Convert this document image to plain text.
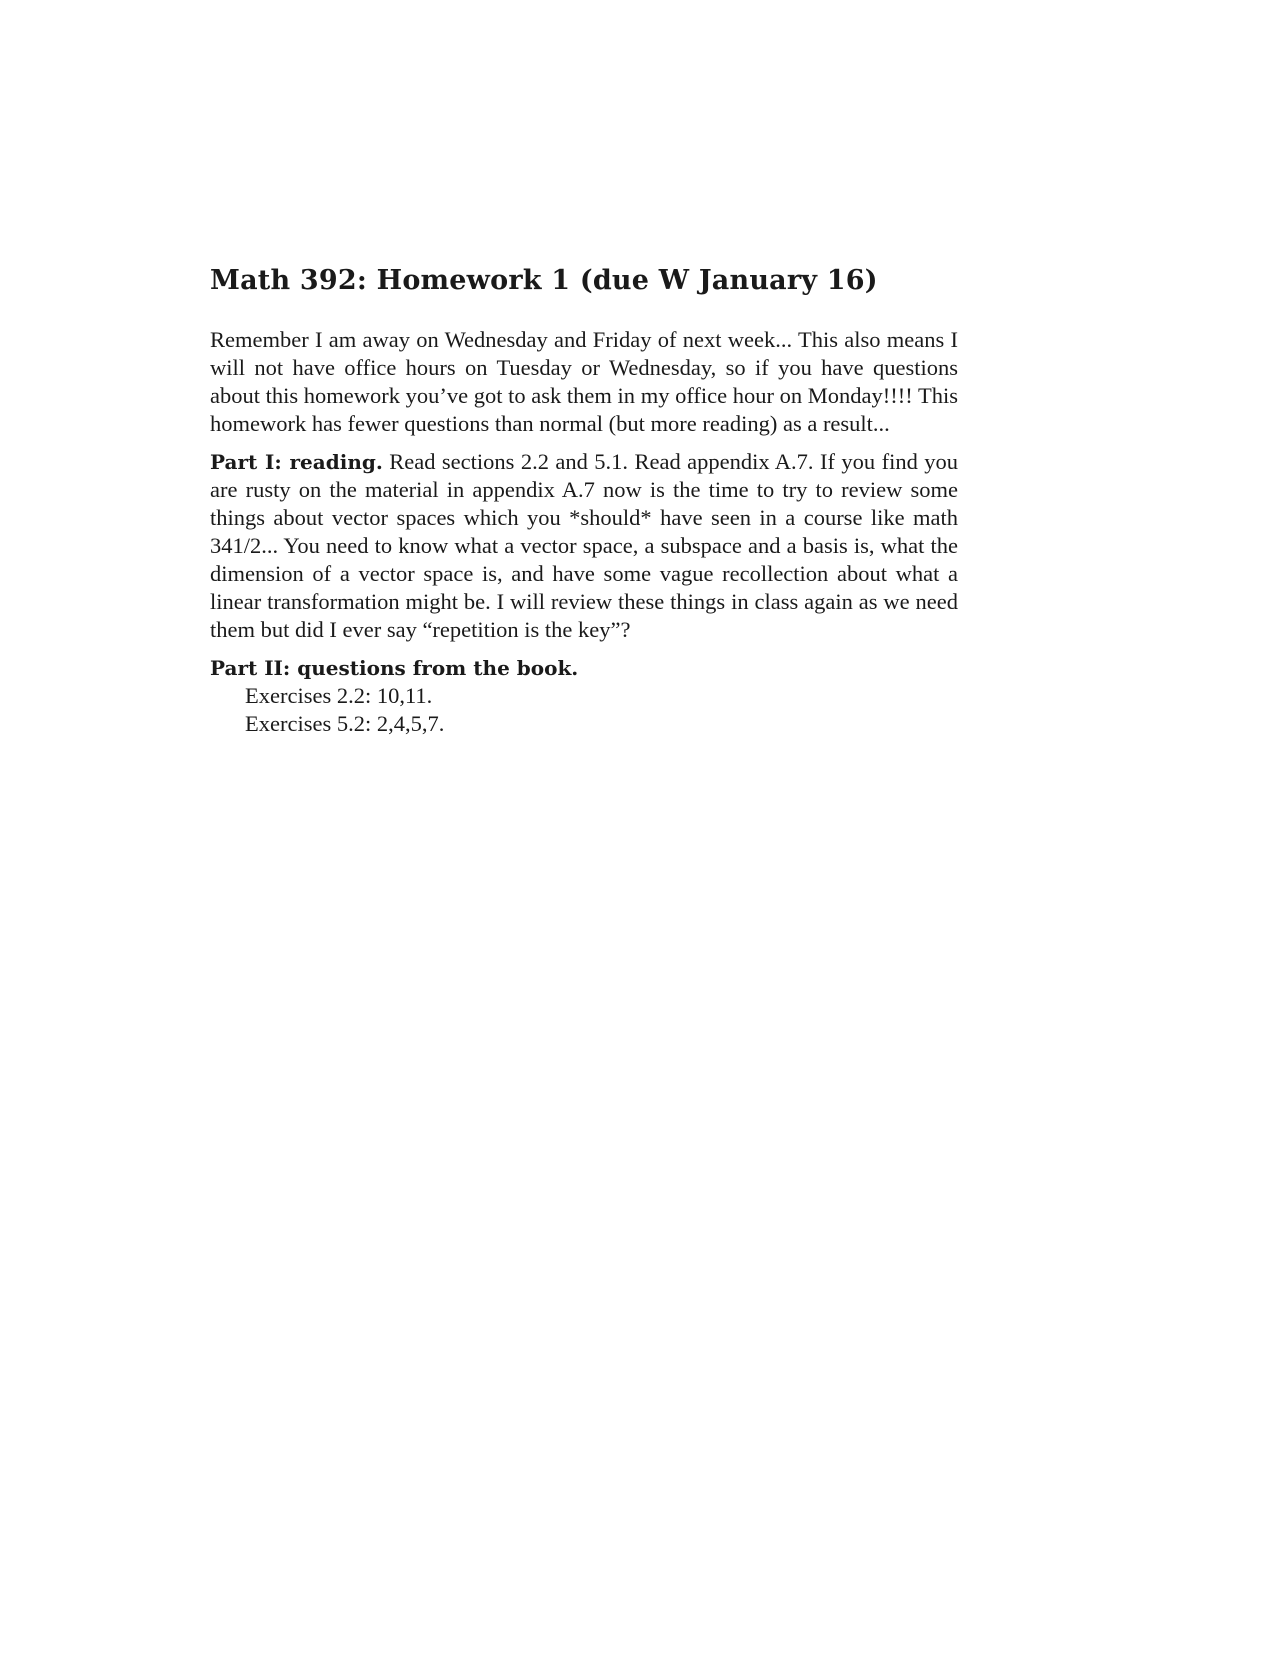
Math 392: Homework 1 (due W January 16)

Remember I am away on Wednesday and Friday of next week... This also means I will not have office hours on Tuesday or Wednesday, so if you have questions about this homework you’ve got to ask them in my office hour on Monday!!!! This homework has fewer questions than normal (but more reading) as a result...

Part I: reading. Read sections 2.2 and 5.1. Read appendix A.7. If you find you are rusty on the material in appendix A.7 now is the time to try to review some things about vector spaces which you *should* have seen in a course like math 341/2... You need to know what a vector space, a subspace and a basis is, what the dimension of a vector space is, and have some vague recollection about what a linear transformation might be. I will review these things in class again as we need them but did I ever say “repetition is the key”?

Part II: questions from the book.
Exercises 2.2: 10,11.
Exercises 5.2: 2,4,5,7.
